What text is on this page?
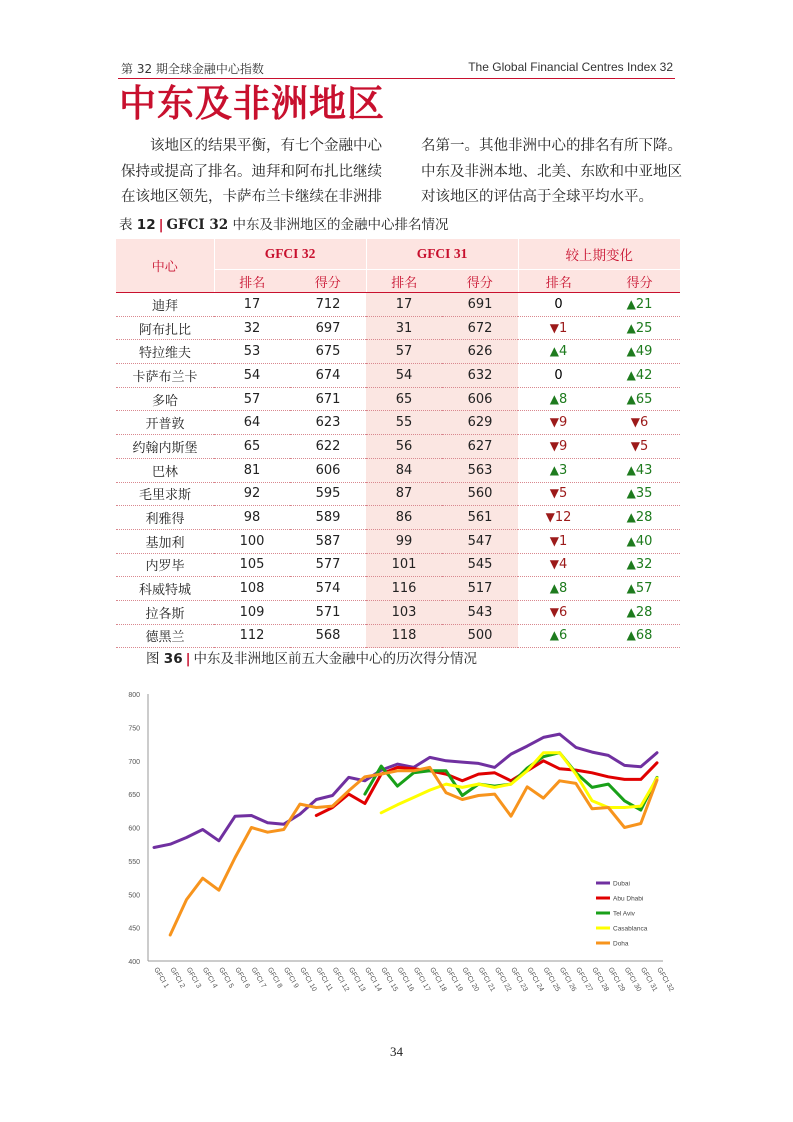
第 32 期全球金融中心指数	The Global Financial Centres Index 32
中东及非洲地区

该地区的结果平衡，有七个金融中心

保持或提高了排名。迪拜和阿布扎比继续

在该地区领先，卡萨布兰卡继续在非洲排

名第一。其他非洲中心的排名有所下降。

中东及非洲本地、北美、东欧和中亚地区

对该地区的评估高于全球平均水平。

表 12 | GFCI 32 中东及非洲地区的金融中心排名情况
中心	GFCI 32		GFCI 31		较上期变化	
	排名	得分	排名	得分	排名	得分
迪拜	17	712	17	691	0	▲21
阿布扎比	32	697	31	672	▼1	▲25
特拉维夫	53	675	57	626	▲4	▲49
卡萨布兰卡	54	674	54	632	0	▲42
多哈	57	671	65	606	▲8	▲65
开普敦	64	623	55	629	▼9	▼6
约翰内斯堡	65	622	56	627	▼9	▼5
巴林	81	606	84	563	▲3	▲43
毛里求斯	92	595	87	560	▼5	▲35
利雅得	98	589	86	561	▼12	▲28
基加利	100	587	99	547	▼1	▲40
内罗毕	105	577	101	545	▼4	▲32
科威特城	108	574	116	517	▲8	▲57
拉各斯	109	571	103	543	▼6	▲28
德黑兰	112	568	118	500	▲6	▲68
图 36 | 中东及非洲地区前五大金融中心的历次得分情况
400
450
500
550
600
650
700
750
800
GFCI 1
GFCI 2
GFCI 3
GFCI 4
GFCI 5
GFCI 6
GFCI 7
GFCI 8
GFCI 9
GFCI 10
GFCI 11
GFCI 12
GFCI 13
GFCI 14
GFCI 15
GFCI 16
GFCI 17
GFCI 18
GFCI 19
GFCI 20
GFCI 21
GFCI 22
GFCI 23
GFCI 24
GFCI 25
GFCI 26
GFCI 27
GFCI 28
GFCI 29
GFCI 30
GFCI 31
GFCI 32
Dubai
Abu Dhabi
Tel Aviv
Casablanca
Doha
34
